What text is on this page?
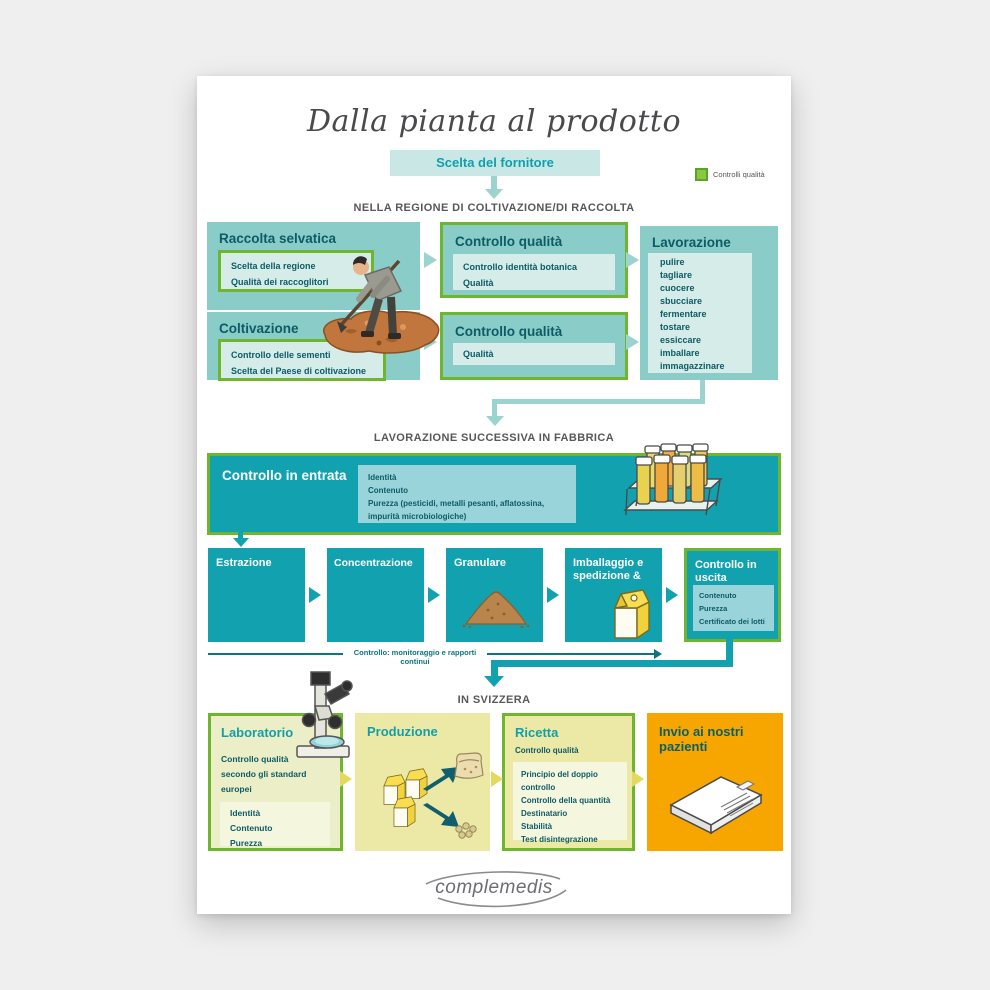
Dalla pianta al prodotto
Scelta del fornitore
Controlli qualità
NELLA REGIONE DI COLTIVAZIONE/DI RACCOLTA
Raccolta selvatica
Scelta della regione
Qualità dei raccoglitori
Coltivazione
Controllo delle sementi
Scelta del Paese di coltivazione
Controllo qualità
Controllo identità botanica
Qualità
Controllo qualità
Qualità
Lavorazione
pulire
tagliare
cuocere
sbucciare
fermentare
tostare
essiccare
imballare
immagazzinare
LAVORAZIONE SUCCESSIVA IN FABBRICA
Controllo in entrata	Identità
Contenuto
Purezza (pesticidi, metalli pesanti, aflatossina, impurità microbiologiche)
Estrazione	Concentrazione	Granulare	Imballaggio e spedizione &
Controllo in uscita
Contenuto
Purezza
Certificato dei lotti
Controllo: monitoraggio e rapporti continui
IN SVIZZERA
Laboratorio
Controllo qualità secondo gli standard europei
Identità
Contenuto
Purezza
Produzione	Ricetta
Controllo qualità
Principio del doppio controllo
Controllo della quantità
Destinatario
Stabilità
Test disintegrazione
Invio ai nostri pazienti
complemedis
